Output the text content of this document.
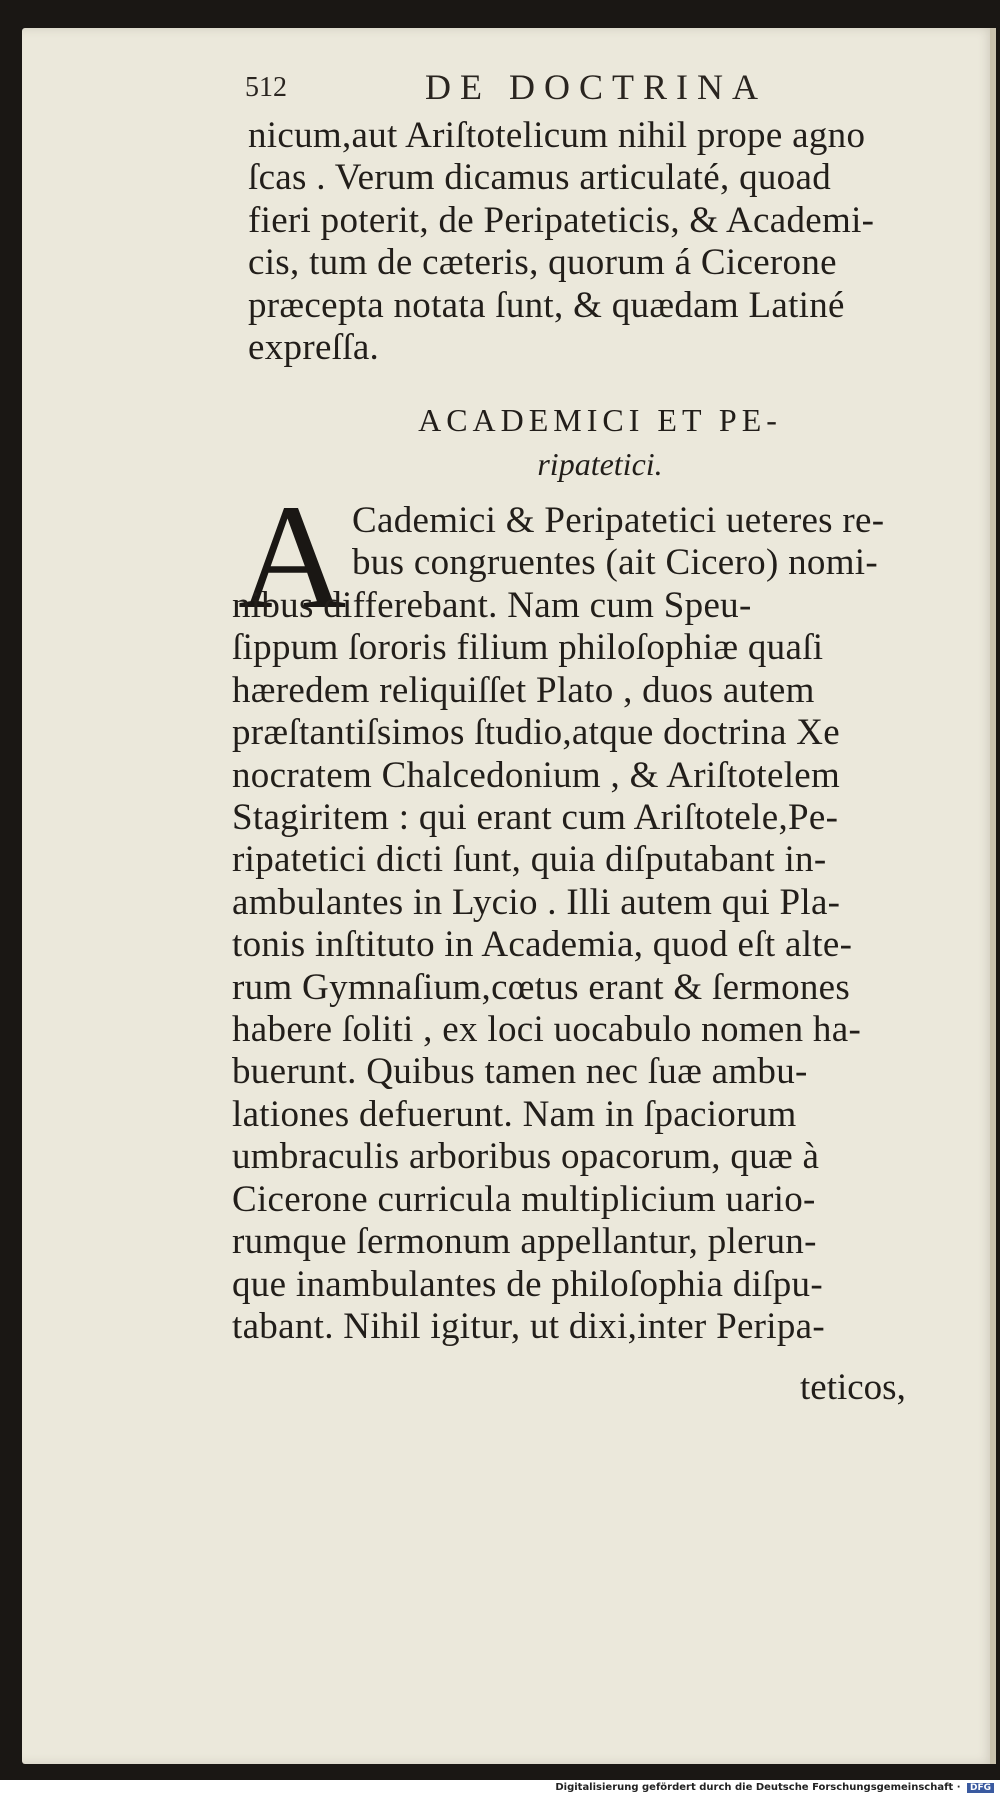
512	DE DOCTRINA
nicum,aut Ariſtotelicum nihil prope agno
ſcas . Verum dicamus articulaté, quoad
fieri poterit, de Peripateticis, & Academi-
cis, tum de cæteris, quorum á Cicerone
præcepta notata ſunt, & quædam Latiné
expreſſa.
ACADEMICI ET PE-
ripatetici.
A Cademici & Peripatetici ueteres re-
bus congruentes (ait Cicero) nomi-
nibus differebant. Nam cum Speu-
ſippum ſororis filium philoſophiæ quaſi
hæredem reliquiſſet Plato , duos autem
præſtantiſsimos ſtudio,atque doctrina Xe
nocratem Chalcedonium , & Ariſtotelem
Stagiritem : qui erant cum Ariſtotele,Pe-
ripatetici dicti ſunt, quia diſputabant in-
ambulantes in Lycio . Illi autem qui Pla-
tonis inſtituto in Academia, quod eſt alte-
rum Gymnaſium,cœtus erant & ſermones
habere ſoliti , ex loci uocabulo nomen ha-
buerunt. Quibus tamen nec ſuæ ambu-
lationes defuerunt. Nam in ſpaciorum
umbraculis arboribus opacorum, quæ à
Cicerone curricula multiplicium uario-
rumque ſermonum appellantur, plerun-
que inambulantes de philoſophia diſpu-
tabant. Nihil igitur, ut dixi,inter Peripa-
teticos,
Digitalisierung gefördert durch die Deutsche Forschungsgemeinschaft · DFG
